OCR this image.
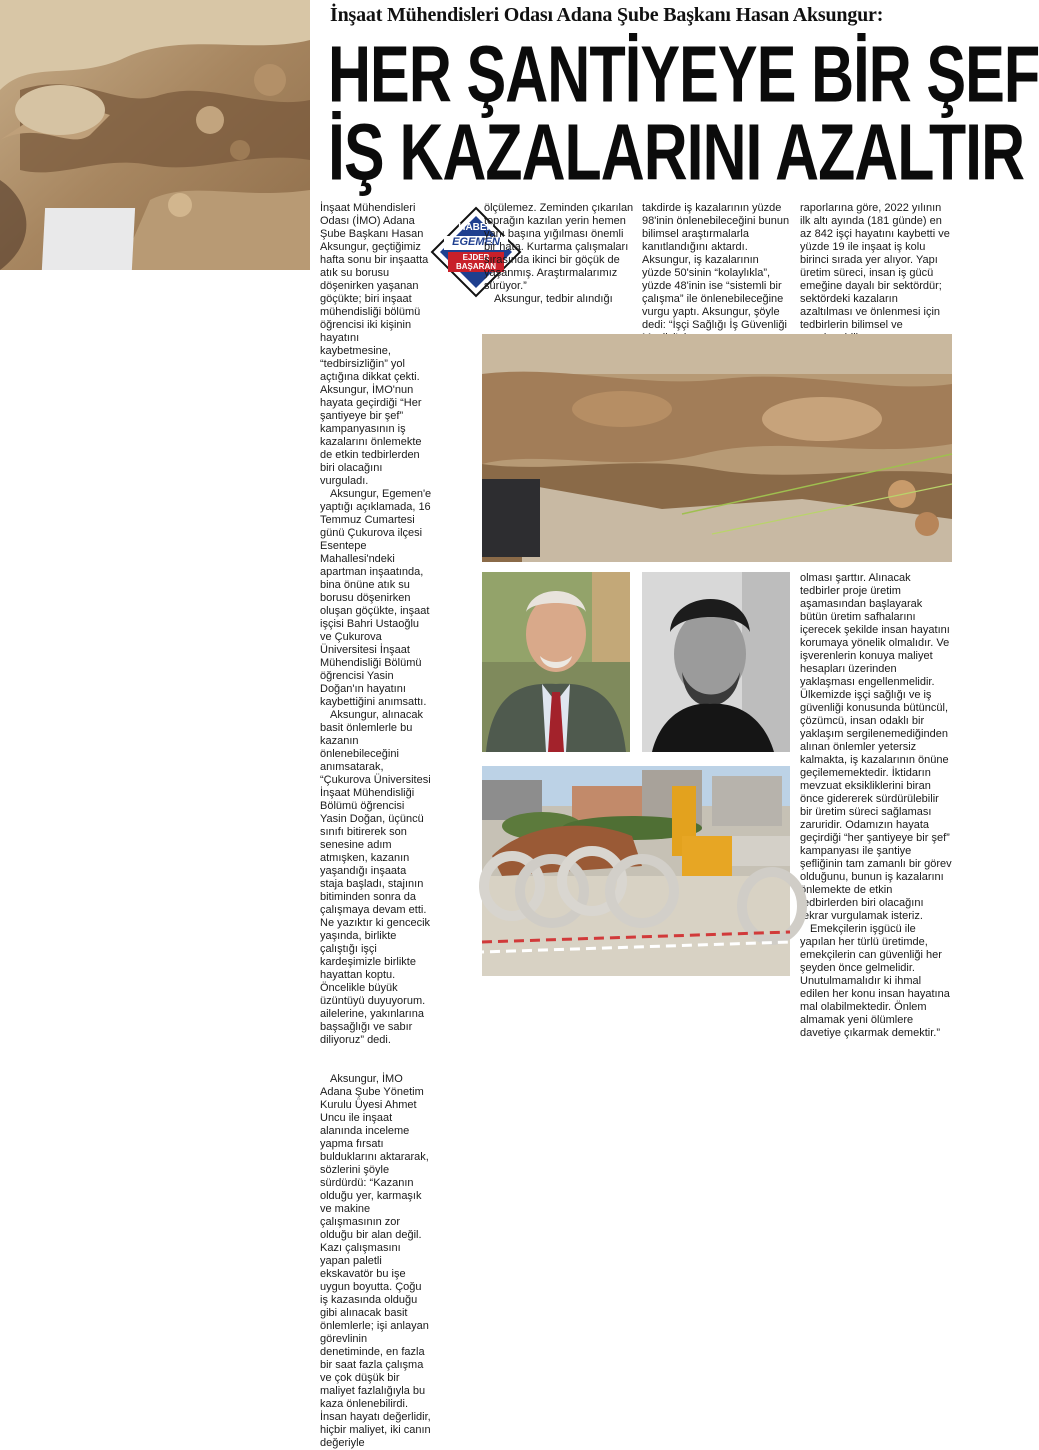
İnşaat Mühendisleri Odası Adana Şube Başkanı Hasan Aksungur:
HER ŞANTİYEYE BİR ŞEF
İŞ KAZALARINI AZALTIR
HABER
EGEMEN
EJDER
BAŞARAN

İnşaat Mühendisleri Odası (İMO) Adana Şube Başkanı Hasan Aksungur, geçtiğimiz hafta sonu bir inşaatta atık su borusu döşenirken yaşanan göçükte; biri inşaat mühendisliği bölümü öğrencisi iki kişinin hayatını kaybetmesine, “tedbirsizliğin” yol açtığına dikkat çekti. Aksungur, İMO'nun hayata geçirdiği “Her şantiyeye bir şef” kampanyasının iş kazalarını önlemekte de etkin tedbirlerden biri olacağını vurguladı.

Aksungur, Egemen'e yaptığı açıklamada, 16 Temmuz Cumartesi günü Çukurova ilçesi Esentepe Mahallesi'ndeki apartman inşaatında, bina önüne atık su borusu döşenirken oluşan göçükte, inşaat işçisi Bahri Ustaoğlu ve Çukurova Üniversitesi İnşaat Mühendisliği Bölümü öğrencisi Yasin Doğan'ın hayatını kaybettiğini anımsattı.

Aksungur, alınacak basit önlemlerle bu kazanın önlenebileceğini anımsatarak, “Çukurova Üniversitesi İnşaat Mühendisliği Bölümü öğrencisi Yasin Doğan, üçüncü sınıfı bitirerek son senesine adım atmışken, kazanın yaşandığı inşaata staja başladı, stajının bitiminden sonra da çalışmaya devam etti. Ne yazıktır ki gencecik yaşında, birlikte çalıştığı işçi kardeşimizle birlikte hayattan koptu. Öncelikle büyük üzüntüyü duyuyorum. ailelerine, yakınlarına başsağlığı ve sabır diliyoruz” dedi.

Aksungur, İMO Adana Şube Yönetim Kurulu Üyesi Ahmet Uncu ile inşaat alanında inceleme yapma fırsatı bulduklarını aktararak, sözlerini şöyle sürdürdü: “Kazanın olduğu yer, karmaşık ve makine çalışmasının zor olduğu bir alan değil. Kazı çalışmasını yapan paletli ekskavatör bu işe uygun boyutta. Çoğu iş kazasında olduğu gibi alınacak basit önlemlerle; işi anlayan görevlinin denetiminde, en fazla bir saat fazla çalışma ve çok düşük bir maliyet fazlalığıyla bu kaza önlenebilirdi. İnsan hayatı değerlidir, hiçbir maliyet, iki canın değeriyle

ölçülemez. Zeminden çıkarılan toprağın kazılan yerin hemen yanı başına yığılması önemli bir hata. Kurtarma çalışmaları sırasında ikinci bir göçük de yaşanmış. Araştırmalarımız sürüyor.”

Aksungur, tedbir alındığı

takdirde iş kazalarının yüzde 98'inin önlenebileceğini bunun bilimsel araştırmalarla kanıtlandığını aktardı. Aksungur, iş kazalarının yüzde 50'sinin “kolaylıkla”, yüzde 48'inin ise “sistemli bir çalışma” ile önlenebileceğine vurgu yaptı. Aksungur, şöyle dedi: “İşçi Sağlığı İş Güvenliği

raporlarına göre, 2022 yılının ilk altı ayında (181 günde) en az 842 işçi hayatını kaybetti ve yüzde 19 ile inşaat iş kolu birinci sırada yer alıyor. Yapı üretim süreci, insan iş gücü emeğine dayalı bir sektördür; sektördeki kazaların azaltılması ve önlenmesi için tedbirlerin bilimsel ve

olması şarttır. Alınacak tedbirler proje üretim aşamasından başlayarak bütün üretim safhalarını içerecek şekilde insan hayatını korumaya yönelik olmalıdır. Ve işverenlerin konuya maliyet hesapları üzerinden yaklaşması engellenmelidir. Ülkemizde işçi sağlığı ve iş güvenliği konusunda bütüncül, çözümcü, insan odaklı bir yaklaşım sergilenemediğinden alınan önlemler yetersiz kalmakta, iş kazalarının önüne geçilememektedir. İktidarın mevzuat eksikliklerini biran önce gidererek sürdürülebilir bir üretim süreci sağlaması zaruridir. Odamızın hayata geçirdiği “her şantiyeye bir şef” kampanyası ile şantiye şefliğinin tam zamanlı bir görev olduğunu, bunun iş kazalarını önlemekte de etkin tedbirlerden biri olacağını tekrar vurgulamak isteriz.

Emekçilerin işgücü ile yapılan her türlü üretimde, emekçilerin can güvenliği her şeyden önce gelmelidir. Unutulmamalıdır ki ihmal edilen her konu insan hayatına mal olabilmektedir. Önlem almamak yeni ölümlere davetiye çıkarmak demektir.”
